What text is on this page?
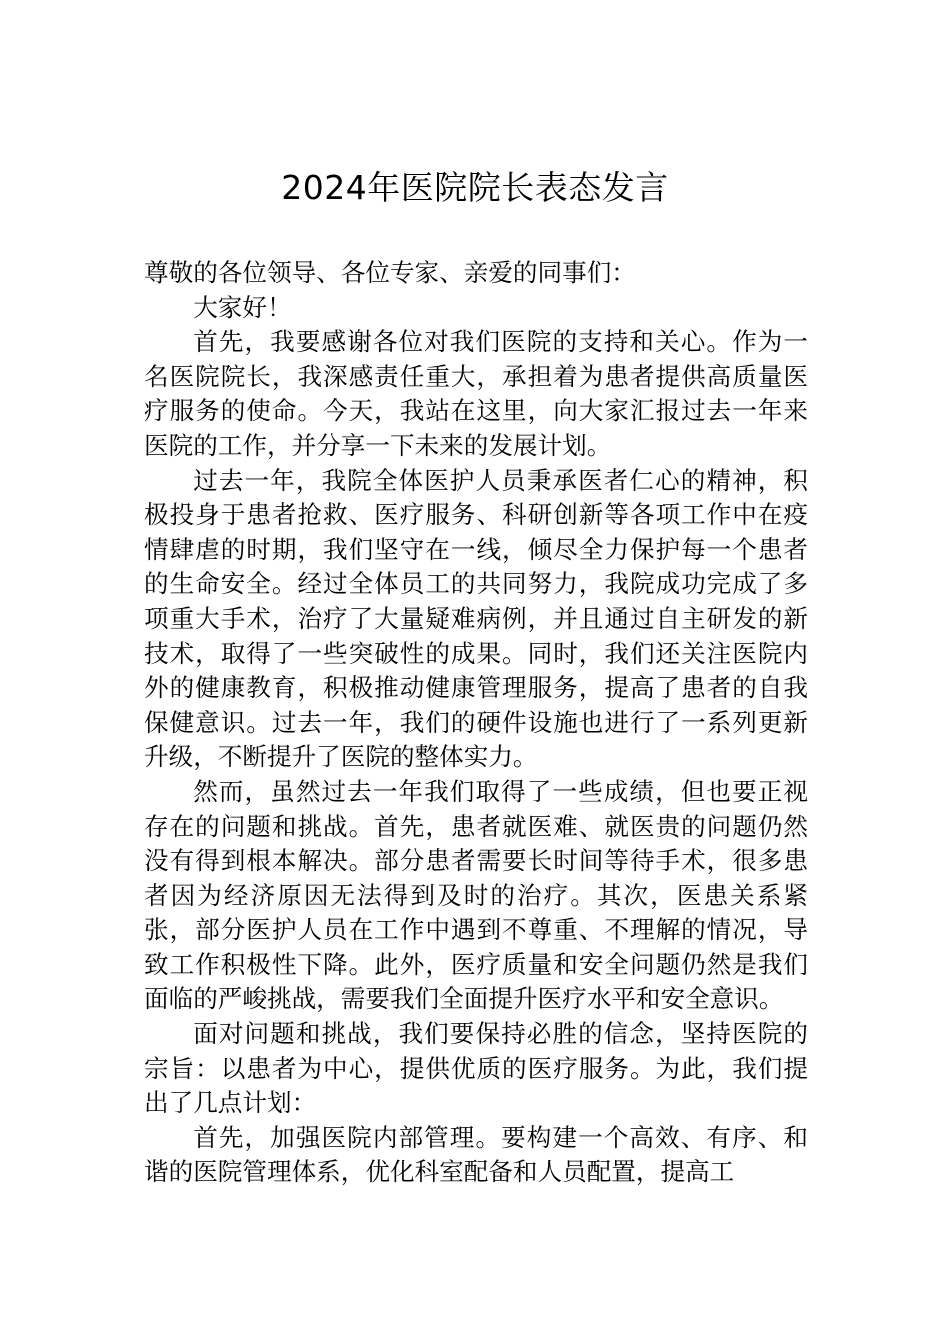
2024年医院院长表态发言

尊敬的各位领导、各位专家、亲爱的同事们：

大家好！

首先，我要感谢各位对我们医院的支持和关心。作为一名医院院长，我深感责任重大，承担着为患者提供高质量医疗服务的使命。今天，我站在这里，向大家汇报过去一年来医院的工作，并分享一下未来的发展计划。

过去一年，我院全体医护人员秉承医者仁心的精神，积极投身于患者抢救、医疗服务、科研创新等各项工作中在疫情肆虐的时期，我们坚守在一线，倾尽全力保护每一个患者的生命安全。经过全体员工的共同努力，我院成功完成了多项重大手术，治疗了大量疑难病例，并且通过自主研发的新技术，取得了一些突破性的成果。同时，我们还关注医院内外的健康教育，积极推动健康管理服务，提高了患者的自我保健意识。过去一年，我们的硬件设施也进行了一系列更新升级，不断提升了医院的整体实力。

然而，虽然过去一年我们取得了一些成绩，但也要正视存在的问题和挑战。首先，患者就医难、就医贵的问题仍然没有得到根本解决。部分患者需要长时间等待手术，很多患者因为经济原因无法得到及时的治疗。其次，医患关系紧张，部分医护人员在工作中遇到不尊重、不理解的情况，导致工作积极性下降。此外，医疗质量和安全问题仍然是我们面临的严峻挑战，需要我们全面提升医疗水平和安全意识。

面对问题和挑战，我们要保持必胜的信念，坚持医院的宗旨：以患者为中心，提供优质的医疗服务。为此，我们提出了几点计划：

首先，加强医院内部管理。要构建一个高效、有序、和谐的医院管理体系，优化科室配备和人员配置，提高工
